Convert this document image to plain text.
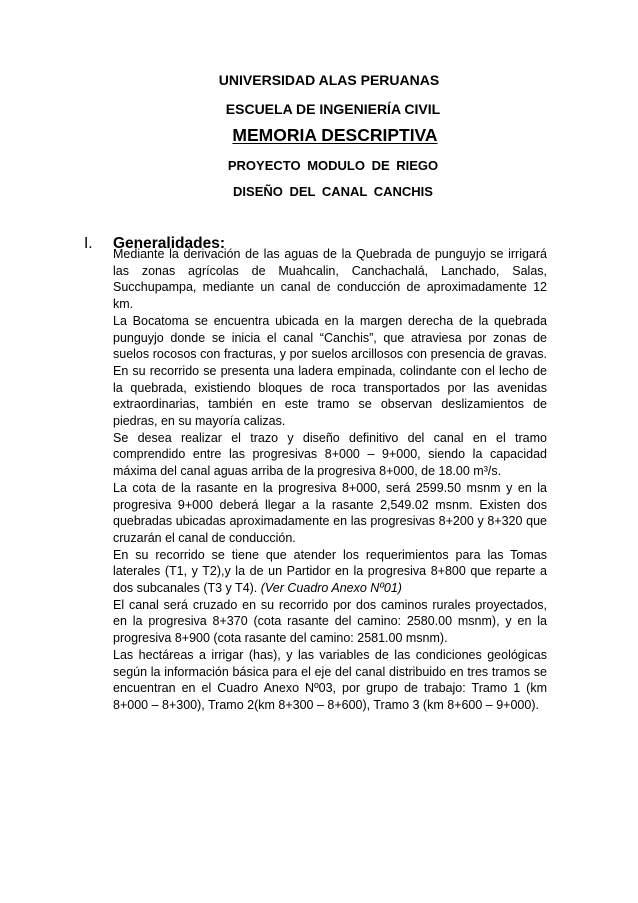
UNIVERSIDAD ALAS PERUANAS
ESCUELA DE INGENIERÍA CIVIL
MEMORIA DESCRIPTIVA
PROYECTO MODULO DE RIEGO
DISEÑO DEL CANAL CANCHIS
I. Generalidades:

Mediante la derivación de las aguas de la Quebrada de punguyjo se irrigará las zonas agrícolas de Muahcalin, Canchachalá, Lanchado, Salas, Succhupampa, mediante un canal de conducción de aproximadamente 12 km.

La Bocatoma se encuentra ubicada en la margen derecha de la quebrada punguyjo donde se inicia el canal “Canchis”, que atraviesa por zonas de suelos rocosos con fracturas, y por suelos arcillosos con presencia de gravas. En su recorrido se presenta una ladera empinada, colindante con el lecho de la quebrada, existiendo bloques de roca transportados por las avenidas extraordinarias, también en este tramo se observan deslizamientos de piedras, en su mayoría calizas.

Se desea realizar el trazo y diseño definitivo del canal en el tramo comprendido entre las progresivas 8+000 – 9+000, siendo la capacidad máxima del canal aguas arriba de la progresiva 8+000, de 18.00 m³/s.

La cota de la rasante en la progresiva 8+000, será 2599.50 msnm y en la progresiva 9+000 deberá llegar a la rasante 2,549.02 msnm. Existen dos quebradas ubicadas aproximadamente en las progresivas 8+200 y 8+320 que cruzarán el canal de conducción.

En su recorrido se tiene que atender los requerimientos para las Tomas laterales (T1, y T2),y la de un Partidor en la progresiva 8+800 que reparte a dos subcanales (T3 y T4). (Ver Cuadro Anexo Nº01)

El canal será cruzado en su recorrido por dos caminos rurales proyectados, en la progresiva 8+370 (cota rasante del camino: 2580.00 msnm), y en la progresiva 8+900 (cota rasante del camino: 2581.00 msnm).

Las hectáreas a irrigar (has), y las variables de las condiciones geológicas según la información básica para el eje del canal distribuido en tres tramos se encuentran en el Cuadro Anexo Nº03, por grupo de trabajo: Tramo 1 (km 8+000 – 8+300), Tramo 2(km 8+300 – 8+600), Tramo 3 (km 8+600 – 9+000).
